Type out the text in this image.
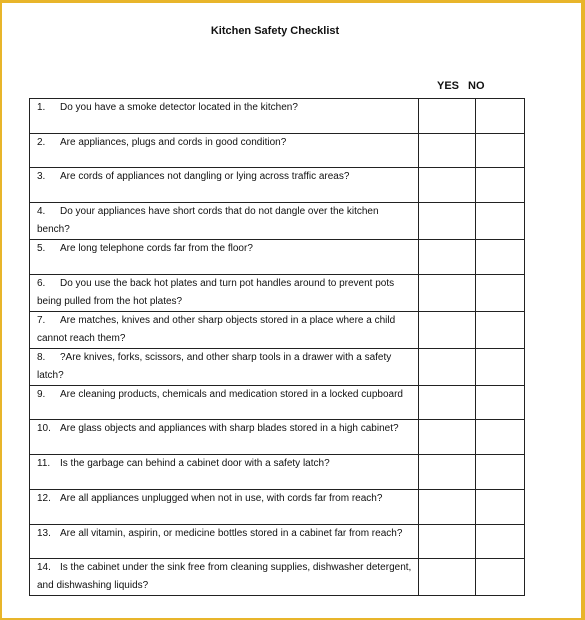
Kitchen Safety Checklist
YES NO
1. Do you have a smoke detector located in the kitchen?		
2. Are appliances, plugs and cords in good condition?		
3. Are cords of appliances not dangling or lying across traffic areas?		
4. Do your appliances have short cords that do not dangle over the kitchen bench?		
5. Are long telephone cords far from the floor?		
6. Do you use the back hot plates and turn pot handles around to prevent pots being pulled from the hot plates?		
7. Are matches, knives and other sharp objects stored in a place where a child cannot reach them?		
8. ?Are knives, forks, scissors, and other sharp tools in a drawer with a safety latch?		
9. Are cleaning products, chemicals and medication stored in a locked cupboard		
10. Are glass objects and appliances with sharp blades stored in a high cabinet?		
11. Is the garbage can behind a cabinet door with a safety latch?		
12. Are all appliances unplugged when not in use, with cords far from reach?		
13. Are all vitamin, aspirin, or medicine bottles stored in a cabinet far from reach?		
14. Is the cabinet under the sink free from cleaning supplies, dishwasher detergent, and dishwashing liquids?		
